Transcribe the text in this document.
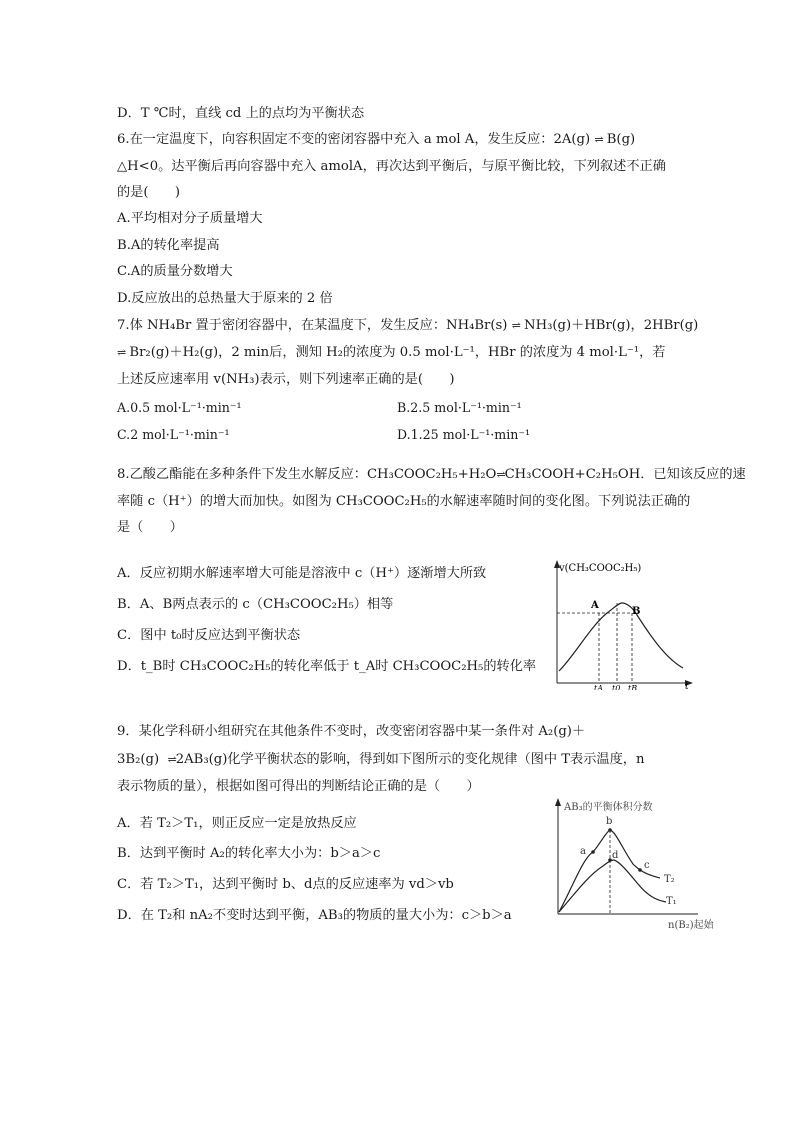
D．T ℃时，直线 cd 上的点均为平衡状态
6.在一定温度下，向容积固定不变的密闭容器中充入 a mol A，发生反应：2A(g) ⇌ B(g)
△H<0。达平衡后再向容器中充入 amolA，再次达到平衡后，与原平衡比较，下列叙述不正确
的是(　　)
A.平均相对分子质量增大
B.A的转化率提高
C.A的质量分数增大
D.反应放出的总热量大于原来的 2 倍
7.体 NH₄Br 置于密闭容器中，在某温度下，发生反应：NH₄Br(s) ⇌ NH₃(g)＋HBr(g)，2HBr(g)
⇌ Br₂(g)＋H₂(g)，2 min后，测知 H₂的浓度为 0.5 mol·L⁻¹，HBr 的浓度为 4 mol·L⁻¹，若
上述反应速率用 v(NH₃)表示，则下列速率正确的是(　　)
A.0.5 mol·L⁻¹·min⁻¹	B.2.5 mol·L⁻¹·min⁻¹
C.2 mol·L⁻¹·min⁻¹	D.1.25 mol·L⁻¹·min⁻¹
8.乙酸乙酯能在多种条件下发生水解反应：CH₃COOC₂H₅+H₂O⇌CH₃COOH+C₂H₅OH．已知该反应的速
率随 c（H⁺）的增大而加快。如图为 CH₃COOC₂H₅的水解速率随时间的变化图。下列说法正确的
是（　　）
A．反应初期水解速率增大可能是溶液中 c（H⁺）逐渐增大所致
B．A、B两点表示的 c（CH₃COOC₂H₅）相等
C．图中 t₀时反应达到平衡状态
D．t_B时 CH₃COOC₂H₅的转化率低于 t_A时 CH₃COOC₂H₅的转化率
v(CH₃COOC₂H₅)
t
A
B
tA t0 tB
9．某化学科研小组研究在其他条件不变时，改变密闭容器中某一条件对 A₂(g)＋
3B₂(g) ⇌2AB₃(g)化学平衡状态的影响，得到如下图所示的变化规律（图中 T表示温度，n
表示物质的量），根据如图可得出的判断结论正确的是（　　）
A．若 T₂＞T₁，则正反应一定是放热反应
B．达到平衡时 A₂的转化率大小为：b＞a＞c
C．若 T₂＞T₁，达到平衡时 b、d点的反应速率为 vd＞vb
D．在 T₂和 nA₂不变时达到平衡，AB₃的物质的量大小为：c＞b＞a
AB₃的平衡体积分数
n(B₂)起始
a
b
c
d
T₂
T₁
